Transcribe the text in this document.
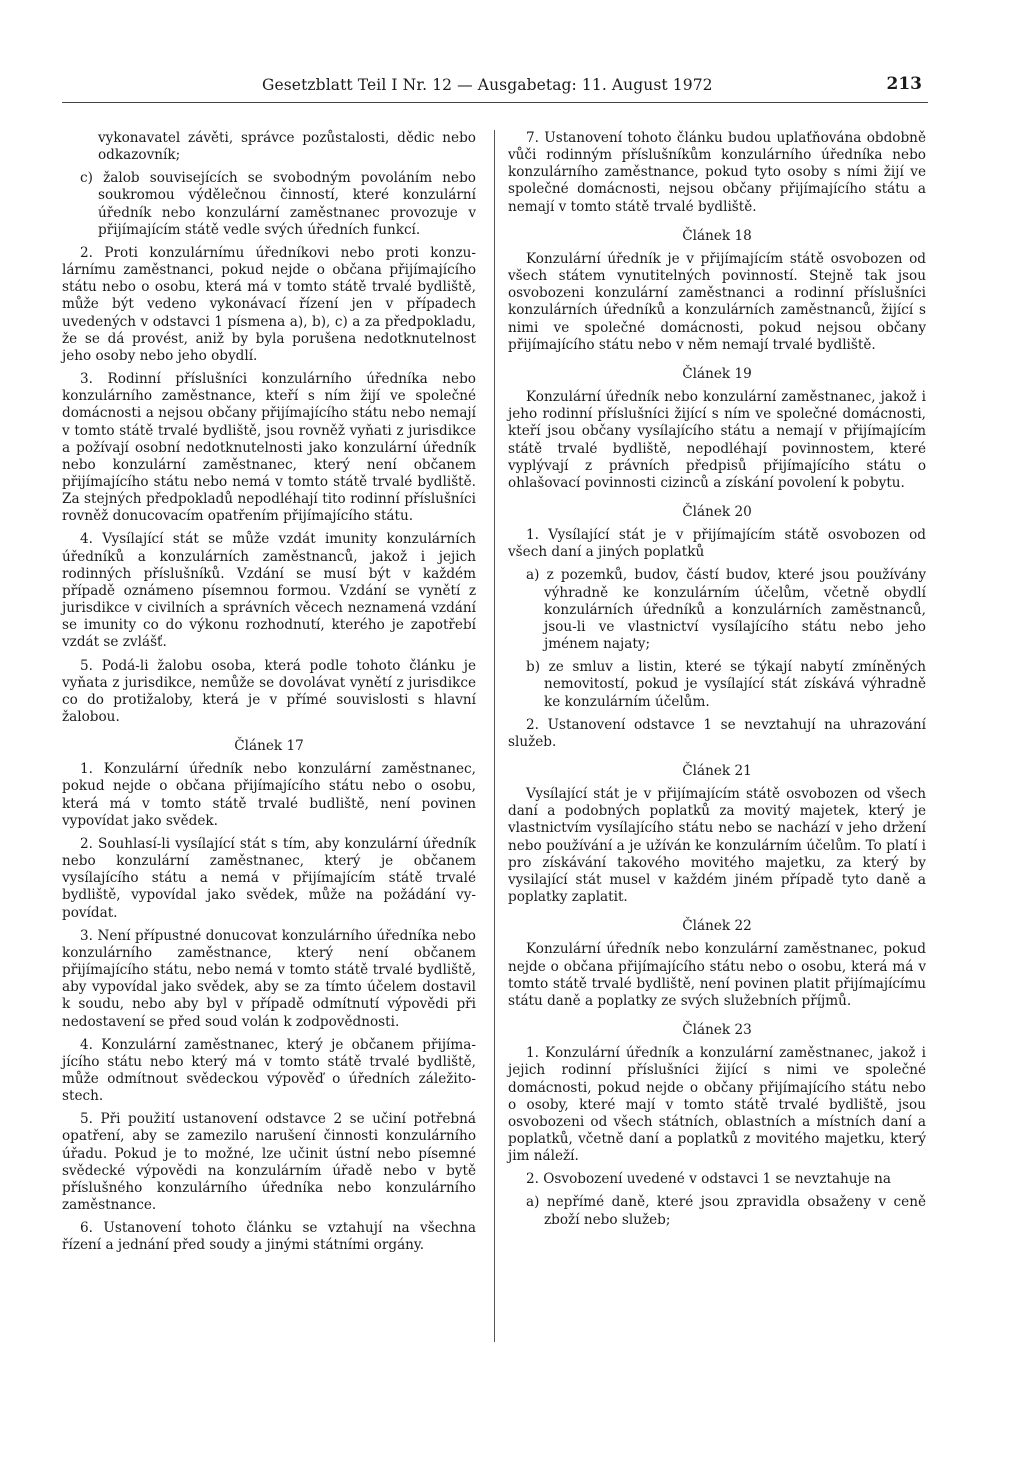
Gesetzblatt Teil I Nr. 12 — Ausgabetag: 11. August 1972	213

vykonavatel závěti, správce pozůstalosti, dědic nebo odkazovník;

c) žalob souvisejících se svobodným povoláním nebo soukromou výdělečnou činností, které konzulární úředník nebo konzulární zaměstnanec provozuje v přijímajícím státě vedle svých úředních funkcí.

2. Proti konzulárnímu úředníkovi nebo proti konzulárnímu zaměstnanci, pokud nejde o občana přijímajícího státu nebo o osobu, která má v tomto státě trvalé bydliště, může být vedeno vykonávací řízení jen v případech uvedených v odstavci 1 písmena a), b), c) a za předpokladu, že se dá provést, aniž by byla porušena nedotknutelnost jeho osoby nebo jeho obydlí.

3. Rodinní příslušníci konzulárního úředníka nebo konzulárního zaměstnance, kteří s ním žijí ve společné domácnosti a nejsou občany přijímajícího státu nebo nemají v tomto státě trvalé bydliště, jsou rovněž vyňati z jurisdikce a požívají osobní nedotknutelnosti jako konzulární úředník nebo konzulární zaměstnanec, který není občanem přijímajícího státu nebo nemá v tomto státě trvalé bydliště. Za stejných předpokladů nepodléhají tito rodinní příslušníci rovněž donucovacím opatřením přijímajícího státu.

4. Vysílající stát se může vzdát imunity konzulárních úředníků a konzulárních zaměstnanců, jakož i jejich rodinných příslušníků. Vzdání se musí být v každém případě oznámeno písemnou formou. Vzdání se vynětí z jurisdikce v civilních a správních věcech neznamená vzdání se imunity co do výkonu rozhodnutí, kterého je zapotřebí vzdát se zvlášť.

5. Podá-li žalobu osoba, která podle tohoto článku je vyňata z jurisdikce, nemůže se dovolávat vynětí z jurisdikce co do protižaloby, která je v přímé souvislosti s hlavní žalobou.

Článek 17

1. Konzulární úředník nebo konzulární zaměstnanec, pokud nejde o občana přijímajícího státu nebo o osobu, která má v tomto státě trvalé budliště, není povinen vypovídat jako svědek.

2. Souhlasí-li vysílající stát s tím, aby konzulární úředník nebo konzulární zaměstnanec, který je občanem vysílajícího státu a nemá v přijímajícím státě trvalé bydliště, vypovídal jako svědek, může na požádání vypovídat.

3. Není přípustné donucovat konzulárního úředníka nebo konzulárního zaměstnance, který není občanem přijímajícího státu, nebo nemá v tomto státě trvalé bydliště, aby vypovídal jako svědek, aby se za tímto účelem dostavil k soudu, nebo aby byl v případě odmítnutí výpovědi při nedostavení se před soud volán k zodpovědnosti.

4. Konzulární zaměstnanec, který je občanem přijímajícího státu nebo který má v tomto státě trvalé bydliště, může odmítnout svědeckou výpověď o úředních záležitostech.

5. Při použití ustanovení odstavce 2 se učiní potřebná opatření, aby se zamezilo narušení činnosti konzulárního úřadu. Pokud je to možné, lze učinit ústní nebo písemné svědecké výpovědi na konzulárním úřadě nebo v bytě příslušného konzulárního úředníka nebo konzulárního zaměstnance.

6. Ustanovení tohoto článku se vztahují na všechna řízení a jednání před soudy a jinými státními orgány.

7. Ustanovení tohoto článku budou uplaťňována obdobně vůči rodinným příslušníkům konzulárního úředníka nebo konzulárního zaměstnance, pokud tyto osoby s ními žijí ve společné domácnosti, nejsou občany přijímajícího státu a nemají v tomto státě trvalé bydliště.

Článek 18

Konzulární úředník je v přijímajícím státě osvobozen od všech státem vynutitelných povinností. Stejně tak jsou osvobozeni konzulární zaměstnanci a rodinní příslušníci konzulárních úředníků a konzulárních zaměstnanců, žijící s nimi ve společné domácnosti, pokud nejsou občany přijímajícího státu nebo v něm nemají trvalé bydliště.

Článek 19

Konzulární úředník nebo konzulární zaměstnanec, jakož i jeho rodinní příslušníci žijící s ním ve společné domácnosti, kteří jsou občany vysílajícího státu a nemají v přijímajícím státě trvalé bydliště, nepodléhají povinnostem, které vyplývají z právních předpisů přijímajícího státu o ohlašovací povinnosti cizinců a získání povolení k pobytu.

Článek 20

1. Vysílající stát je v přijímajícím státě osvobozen od všech daní a jiných poplatků

a) z pozemků, budov, částí budov, které jsou používány výhradně ke konzulárním účelům, včetně obydlí konzulárních úředníků a konzulárních zaměstnanců, jsou-li ve vlastnictví vysílajícího státu nebo jeho jménem najaty;

b) ze smluv a listin, které se týkají nabytí zmíněných nemovitostí, pokud je vysílající stát získává výhradně ke konzulárním účelům.

2. Ustanovení odstavce 1 se nevztahují na uhrazování služeb.

Článek 21

Vysílající stát je v přijímajícím státě osvobozen od všech daní a podobných poplatků za movitý majetek, který je vlastnictvím vysílajícího státu nebo se nachází v jeho držení nebo používání a je užíván ke konzulárním účelům. To platí i pro získávání takového movitého majetku, za který by vysilající stát musel v každém jiném případě tyto daně a poplatky zaplatit.

Článek 22

Konzulární úředník nebo konzulární zaměstnanec, pokud nejde o občana přijímajícího státu nebo o osobu, která má v tomto státě trvalé bydliště, není povinen platit přijímajícímu státu daně a poplatky ze svých služebních příjmů.

Článek 23

1. Konzulární úředník a konzulární zaměstnanec, jakož i jejich rodinní příslušníci žijící s nimi ve společné domácnosti, pokud nejde o občany přijímajícího státu nebo o osoby, které mají v tomto státě trvalé bydliště, jsou osvobozeni od všech státních, oblastních a místních daní a poplatků, včetně daní a poplatků z movitého majetku, který jim náleží.

2. Osvobození uvedené v odstavci 1 se nevztahuje na

a) nepřímé daně, které jsou zpravidla obsaženy v ceně zboží nebo služeb;
